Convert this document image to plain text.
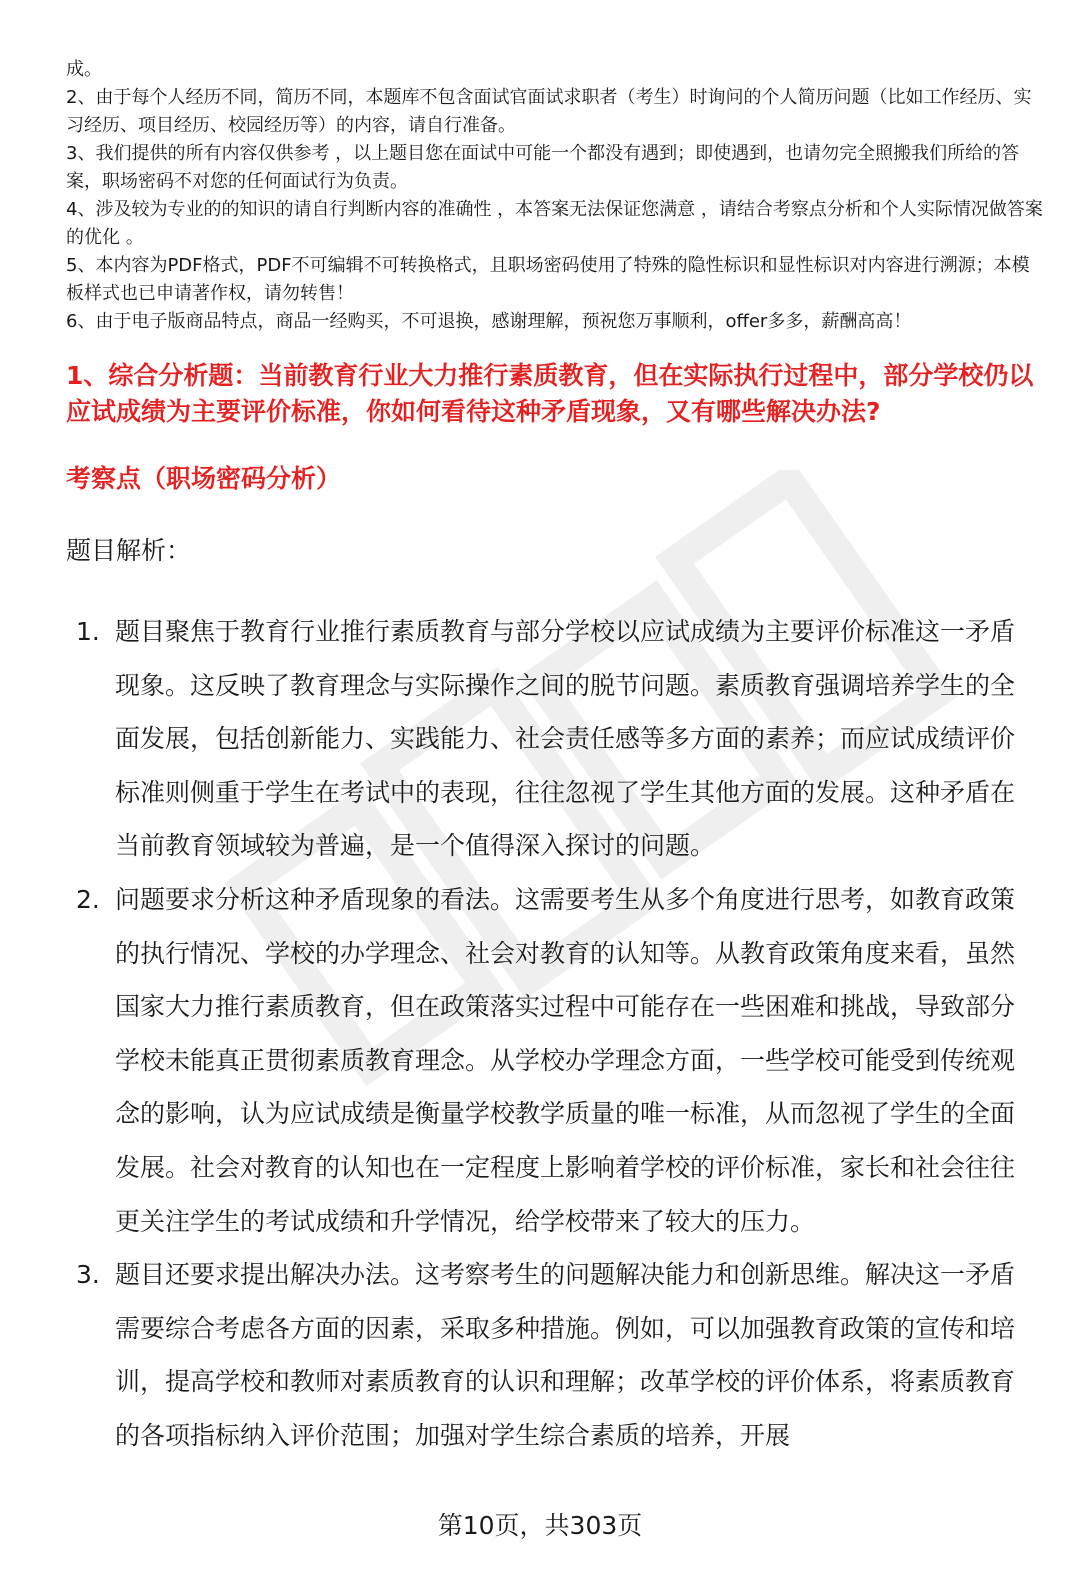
成。

2、由于每个人经历不同，简历不同，本题库不包含面试官面试求职者（考生）时询问的个人简历问题（比如工作经历、实习经历、项目经历、校园经历等）的内容，请自行准备。

3、我们提供的所有内容仅供参考 ，以上题目您在面试中可能一个都没有遇到；即使遇到，也请勿完全照搬我们所给的答案，职场密码不对您的任何面试行为负责。

4、涉及较为专业的的知识的请自行判断内容的准确性 ，本答案无法保证您满意 ，请结合考察点分析和个人实际情况做答案的优化 。

5、本内容为PDF格式，PDF不可编辑不可转换格式，且职场密码使用了特殊的隐性标识和显性标识对内容进行溯源；本模板样式也已申请著作权，请勿转售！

6、由于电子版商品特点，商品一经购买，不可退换，感谢理解，预祝您万事顺利，offer多多，薪酬高高！

1、综合分析题：当前教育行业大力推行素质教育，但在实际执行过程中，部分学校仍以应试成绩为主要评价标准，你如何看待这种矛盾现象，又有哪些解决办法?
考察点（职场密码分析）

题目解析：

1. 题目聚焦于教育行业推行素质教育与部分学校以应试成绩为主要评价标准这一矛盾现象。这反映了教育理念与实际操作之间的脱节问题。素质教育强调培养学生的全面发展，包括创新能力、实践能力、社会责任感等多方面的素养；而应试成绩评价标准则侧重于学生在考试中的表现，往往忽视了学生其他方面的发展。这种矛盾在当前教育领域较为普遍，是一个值得深入探讨的问题。
2. 问题要求分析这种矛盾现象的看法。这需要考生从多个角度进行思考，如教育政策的执行情况、学校的办学理念、社会对教育的认知等。从教育政策角度来看，虽然国家大力推行素质教育，但在政策落实过程中可能存在一些困难和挑战，导致部分学校未能真正贯彻素质教育理念。从学校办学理念方面，一些学校可能受到传统观念的影响，认为应试成绩是衡量学校教学质量的唯一标准，从而忽视了学生的全面发展。社会对教育的认知也在一定程度上影响着学校的评价标准，家长和社会往往更关注学生的考试成绩和升学情况，给学校带来了较大的压力。
3. 题目还要求提出解决办法。这考察考生的问题解决能力和创新思维。解决这一矛盾需要综合考虑各方面的因素，采取多种措施。例如，可以加强教育政策的宣传和培训，提高学校和教师对素质教育的认识和理解；改革学校的评价体系，将素质教育的各项指标纳入评价范围；加强对学生综合素质的培养，开展
第10页，共303页
